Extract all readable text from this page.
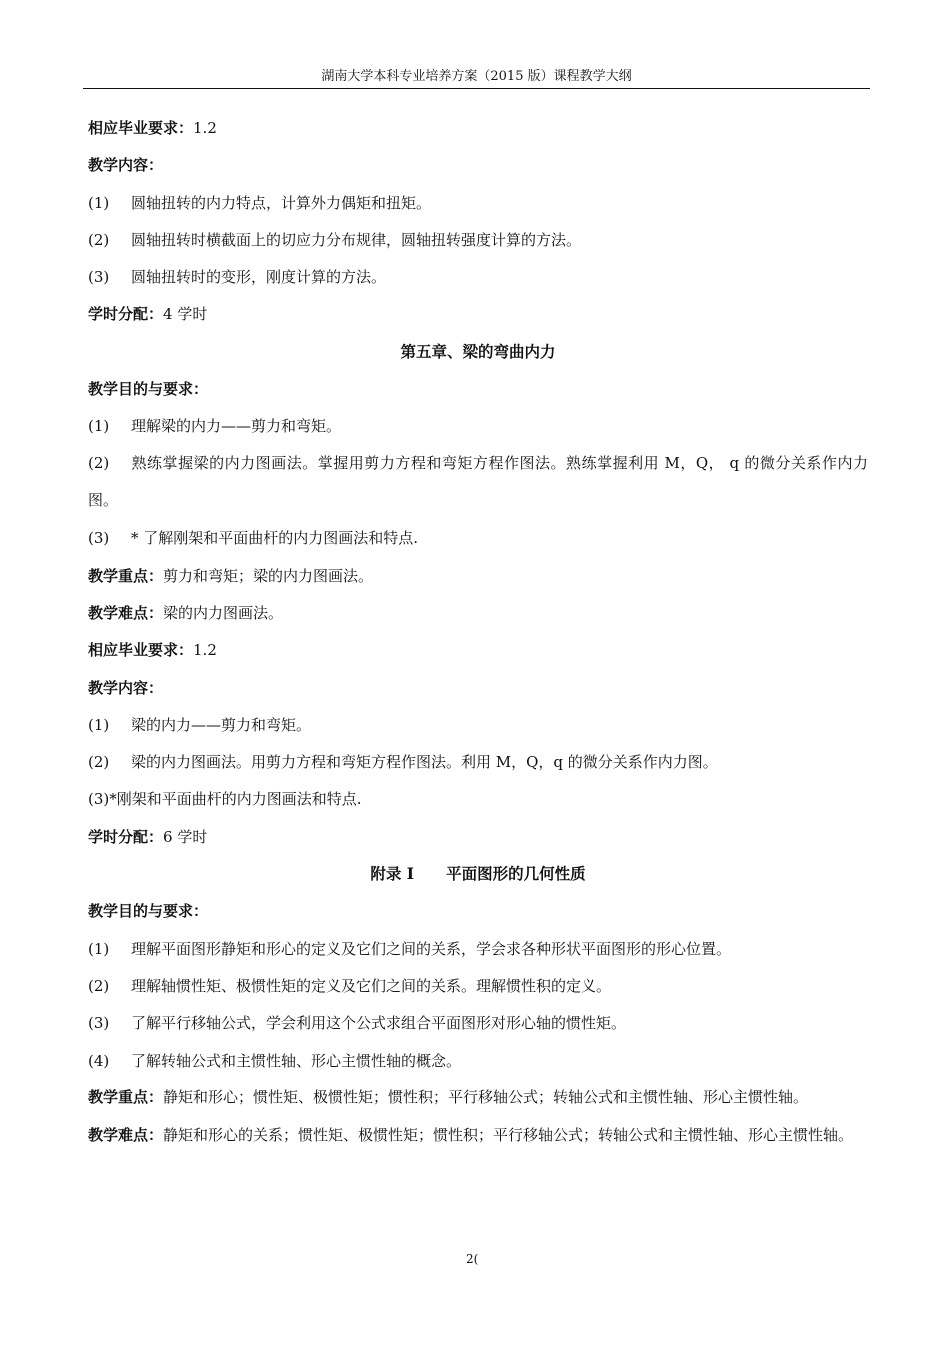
湖南大学本科专业培养方案（2015 版）课程教学大纲
相应毕业要求：1.2
教学内容：
(1) 圆轴扭转的内力特点，计算外力偶矩和扭矩。
(2) 圆轴扭转时横截面上的切应力分布规律，圆轴扭转强度计算的方法。
(3) 圆轴扭转时的变形，刚度计算的方法。
学时分配：4 学时
第五章、梁的弯曲内力
教学目的与要求：
(1) 理解梁的内力——剪力和弯矩。
(2) 熟练掌握梁的内力图画法。掌握用剪力方程和弯矩方程作图法。熟练掌握利用 M，Q， q 的微分关系作内力图。
(3) * 了解刚架和平面曲杆的内力图画法和特点.
教学重点：剪力和弯矩；梁的内力图画法。
教学难点：梁的内力图画法。
相应毕业要求：1.2
教学内容：
(1) 梁的内力——剪力和弯矩。
(2) 梁的内力图画法。用剪力方程和弯矩方程作图法。利用 M，Q，q 的微分关系作内力图。
(3)*刚架和平面曲杆的内力图画法和特点.
学时分配：6 学时
附录 I 平面图形的几何性质
教学目的与要求：
(1) 理解平面图形静矩和形心的定义及它们之间的关系，学会求各种形状平面图形的形心位置。
(2) 理解轴惯性矩、极惯性矩的定义及它们之间的关系。理解惯性积的定义。
(3) 了解平行移轴公式，学会利用这个公式求组合平面图形对形心轴的惯性矩。
(4) 了解转轴公式和主惯性轴、形心主惯性轴的概念。
教学重点：静矩和形心；惯性矩、极惯性矩；惯性积；平行移轴公式；转轴公式和主惯性轴、形心主惯性轴。
教学难点：静矩和形心的关系；惯性矩、极惯性矩；惯性积；平行移轴公式；转轴公式和主惯性轴、形心主惯性轴。
2(
